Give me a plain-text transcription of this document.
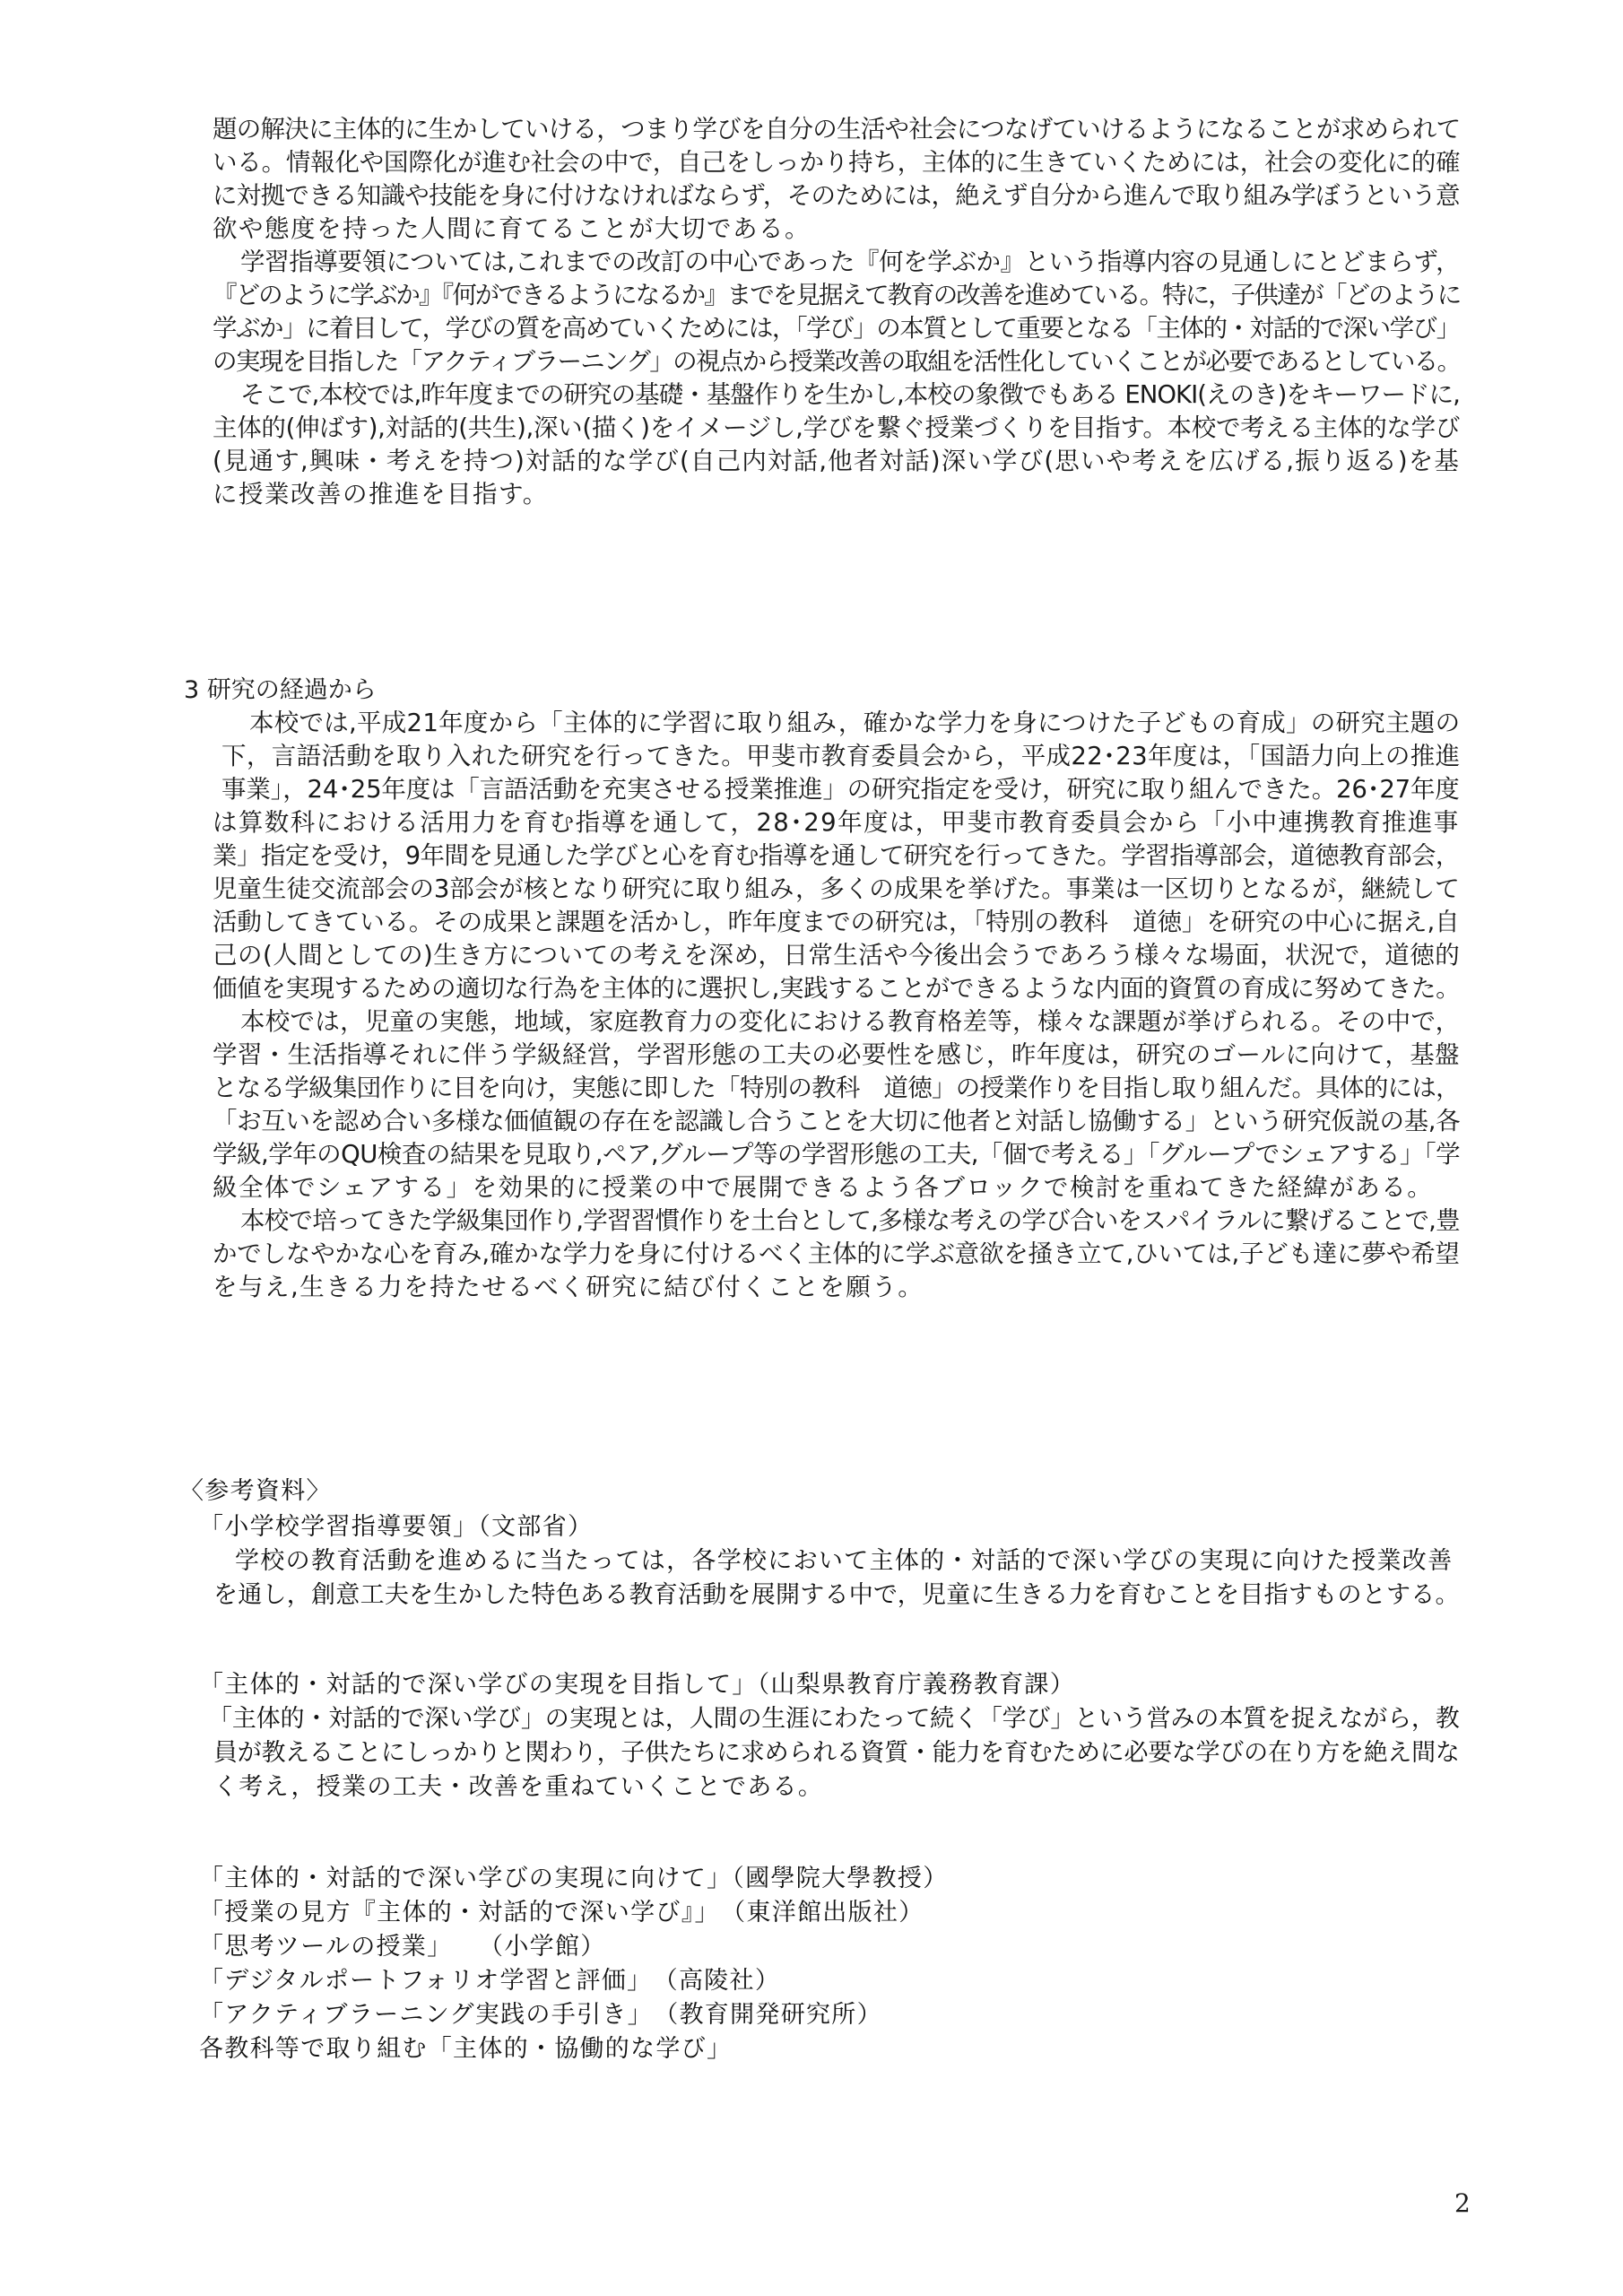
題の解決に主体的に生かしていける，つまり学びを自分の生活や社会につなげていけるようになることが求められて
いる。情報化や国際化が進む社会の中で，自己をしっかり持ち，主体的に生きていくためには，社会の変化に的確
に対拠できる知識や技能を身に付けなければならず，そのためには，絶えず自分から進んで取り組み学ぼうという意
欲や態度を持った人間に育てることが大切である。
学習指導要領については,これまでの改訂の中心であった『何を学ぶか』という指導内容の見通しにとどまらず，
『どのように学ぶか』『何ができるようになるか』までを見据えて教育の改善を進めている。特に，子供達が「どのように
学ぶか」に着目して，学びの質を高めていくためには，「学び」の本質として重要となる「主体的・対話的で深い学び」
の実現を目指した「アクティブラーニング」の視点から授業改善の取組を活性化していくことが必要であるとしている。
そこで,本校では,昨年度までの研究の基礎・基盤作りを生かし,本校の象徴でもある ENOKI(えのき)をキーワードに,
主体的(伸ばす),対話的(共生),深い(描く)をイメージし,学びを繋ぐ授業づくりを目指す。本校で考える主体的な学び
(見通す,興味・考えを持つ)対話的な学び(自己内対話,他者対話)深い学び(思いや考えを広げる,振り返る)を基
に授業改善の推進を目指す。
3 研究の経過から
本校では,平成21年度から「主体的に学習に取り組み，確かな学力を身につけた子どもの育成」の研究主題の
下，言語活動を取り入れた研究を行ってきた。甲斐市教育委員会から，平成22･23年度は，「国語力向上の推進
事業」，24･25年度は「言語活動を充実させる授業推進」の研究指定を受け，研究に取り組んできた。26･27年度
は算数科における活用力を育む指導を通して，28･29年度は，甲斐市教育委員会から「小中連携教育推進事
業」指定を受け，9年間を見通した学びと心を育む指導を通して研究を行ってきた。学習指導部会，道徳教育部会，
児童生徒交流部会の3部会が核となり研究に取り組み，多くの成果を挙げた。事業は一区切りとなるが，継続して
活動してきている。その成果と課題を活かし，昨年度までの研究は，「特別の教科　道徳」を研究の中心に据え,自
己の(人間としての)生き方についての考えを深め，日常生活や今後出会うであろう様々な場面，状況で，道徳的
価値を実現するための適切な行為を主体的に選択し,実践することができるような内面的資質の育成に努めてきた。
本校では，児童の実態，地域，家庭教育力の変化における教育格差等，様々な課題が挙げられる。その中で，
学習・生活指導それに伴う学級経営，学習形態の工夫の必要性を感じ，昨年度は，研究のゴールに向けて，基盤
となる学級集団作りに目を向け，実態に即した「特別の教科　道徳」の授業作りを目指し取り組んだ。具体的には，
「お互いを認め合い多様な価値観の存在を認識し合うことを大切に他者と対話し協働する」という研究仮説の基,各
学級,学年のQU検査の結果を見取り,ペア,グループ等の学習形態の工夫,「個で考える」「グループでシェアする」「学
級全体でシェアする」を効果的に授業の中で展開できるよう各ブロックで検討を重ねてきた経緯がある。
本校で培ってきた学級集団作り,学習習慣作りを土台として,多様な考えの学び合いをスパイラルに繋げることで,豊
かでしなやかな心を育み,確かな学力を身に付けるべく主体的に学ぶ意欲を掻き立て,ひいては,子ども達に夢や希望
を与え,生きる力を持たせるべく研究に結び付くことを願う。
〈参考資料〉
「小学校学習指導要領」（文部省）
学校の教育活動を進めるに当たっては，各学校において主体的・対話的で深い学びの実現に向けた授業改善
を通し，創意工夫を生かした特色ある教育活動を展開する中で，児童に生きる力を育むことを目指すものとする。
「主体的・対話的で深い学びの実現を目指して」（山梨県教育庁義務教育課）
「主体的・対話的で深い学び」の実現とは，人間の生涯にわたって続く「学び」という営みの本質を捉えながら，教
員が教えることにしっかりと関わり，子供たちに求められる資質・能力を育むために必要な学びの在り方を絶え間な
く考え，授業の工夫・改善を重ねていくことである。
「主体的・対話的で深い学びの実現に向けて」（國學院大學教授）
「授業の見方『主体的・対話的で深い学び』」　（東洋館出版社）
「思考ツールの授業」　　（小学館）
「デジタルポートフォリオ学習と評価」　（高陵社）
「アクティブラーニング実践の手引き」　（教育開発研究所）
各教科等で取り組む「主体的・協働的な学び」
2
